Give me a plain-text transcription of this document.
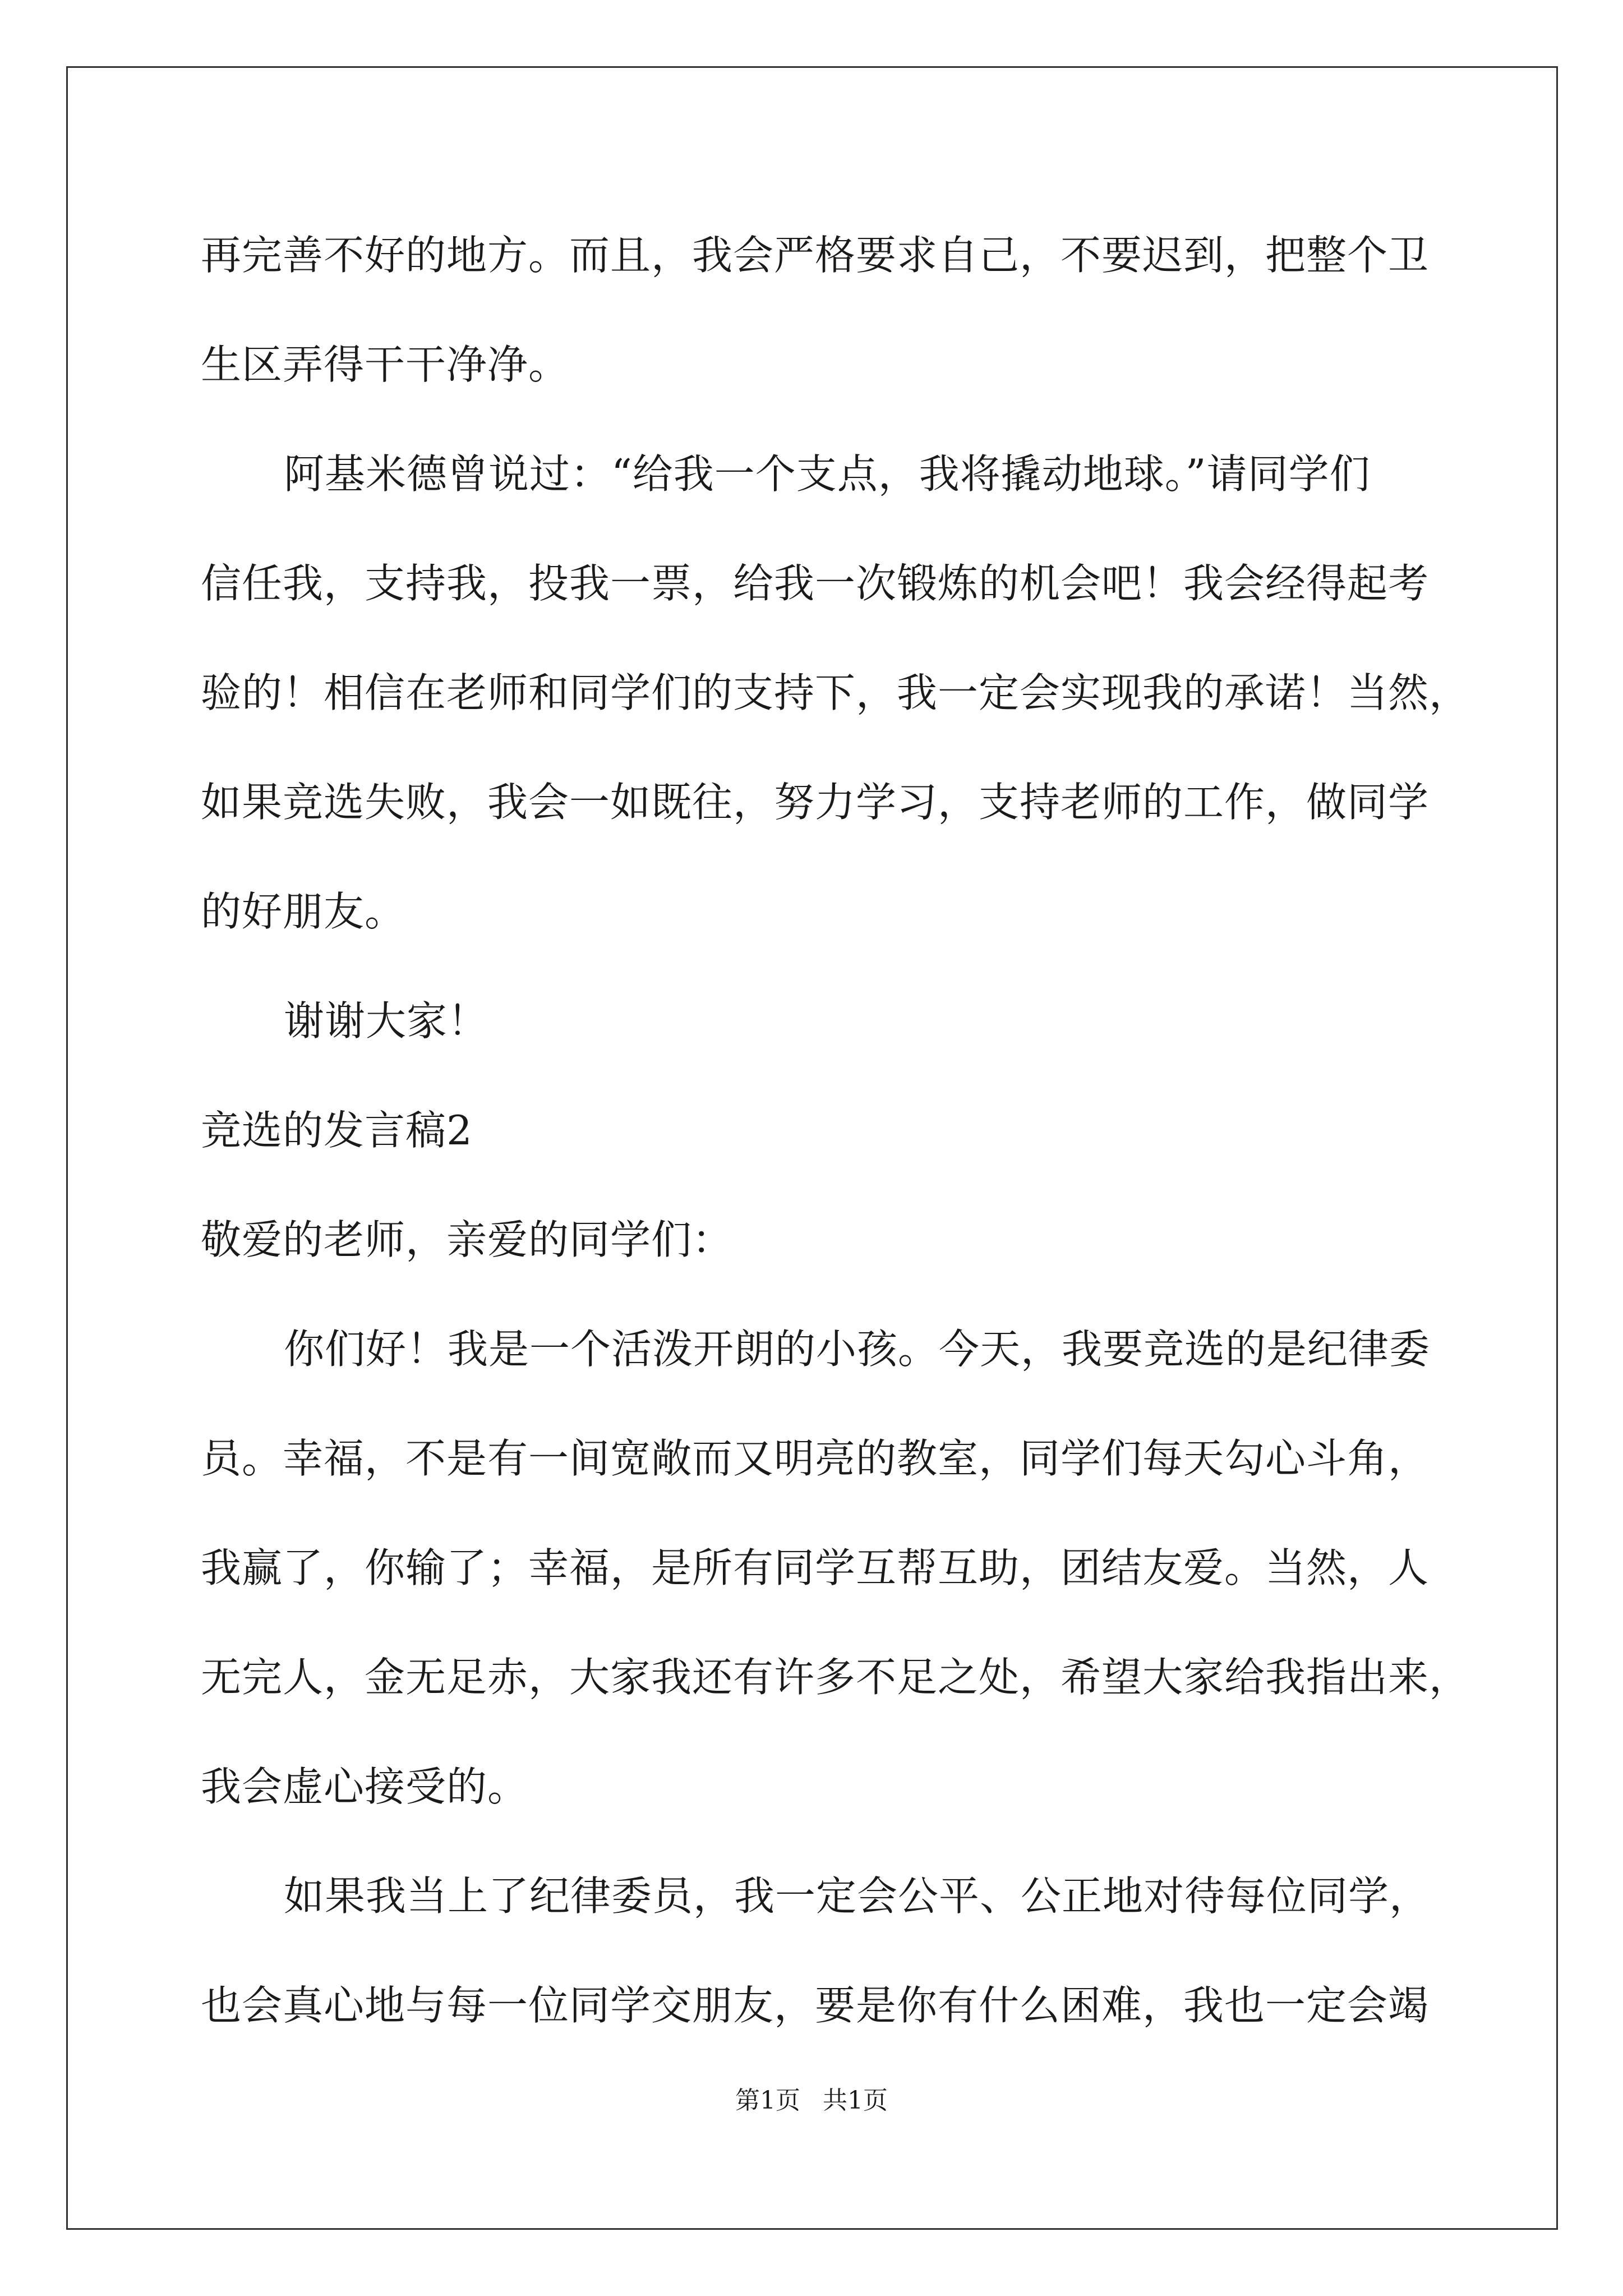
再完善不好的地方。而且，我会严格要求自己，不要迟到，把整个卫
生区弄得干干净净。
阿基米德曾说过：“给我一个支点，我将撬动地球。”请同学们
信任我，支持我，投我一票，给我一次锻炼的机会吧！我会经得起考
验的！相信在老师和同学们的支持下，我一定会实现我的承诺！当然，
如果竞选失败，我会一如既往，努力学习，支持老师的工作，做同学
的好朋友。
谢谢大家！
竞选的发言稿2
敬爱的老师，亲爱的同学们：
你们好！我是一个活泼开朗的小孩。今天，我要竞选的是纪律委
员。幸福，不是有一间宽敞而又明亮的教室，同学们每天勾心斗角，
我赢了，你输了；幸福，是所有同学互帮互助，团结友爱。当然，人
无完人，金无足赤，大家我还有许多不足之处，希望大家给我指出来，
我会虚心接受的。
如果我当上了纪律委员，我一定会公平、公正地对待每位同学，
也会真心地与每一位同学交朋友，要是你有什么困难，我也一定会竭
第1页 共1页
